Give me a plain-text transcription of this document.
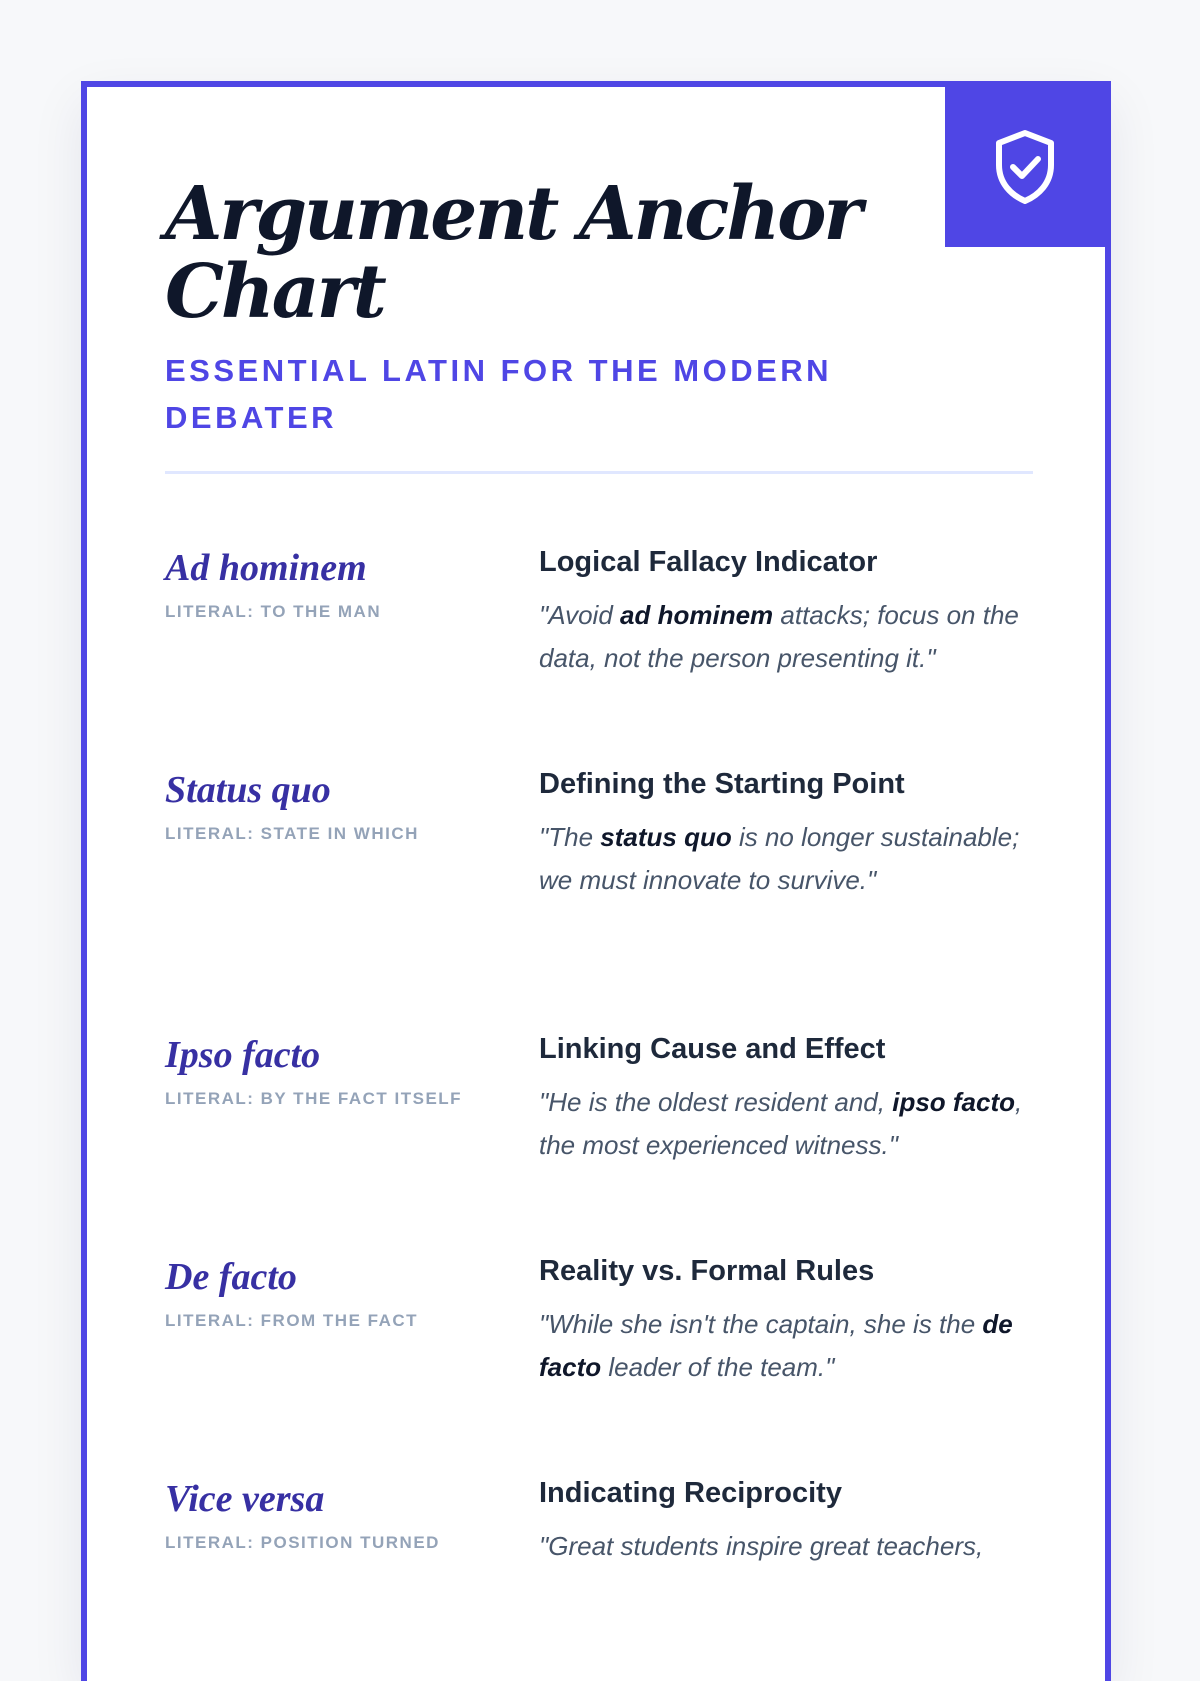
Argument Anchor Chart
ESSENTIAL LATIN FOR THE MODERN DEBATER
Ad hominem
LITERAL: TO THE MAN
Logical Fallacy Indicator
"Avoid ad hominem attacks; focus on the data, not the person presenting it."
Status quo
LITERAL: STATE IN WHICH
Defining the Starting Point
"The status quo is no longer sustainable; we must innovate to survive."
Ipso facto
LITERAL: BY THE FACT ITSELF
Linking Cause and Effect
"He is the oldest resident and, ipso facto, the most experienced witness."
De facto
LITERAL: FROM THE FACT
Reality vs. Formal Rules
"While she isn't the captain, she is the de facto leader of the team."
Vice versa
LITERAL: POSITION TURNED
Indicating Reciprocity
"Great students inspire great teachers,
